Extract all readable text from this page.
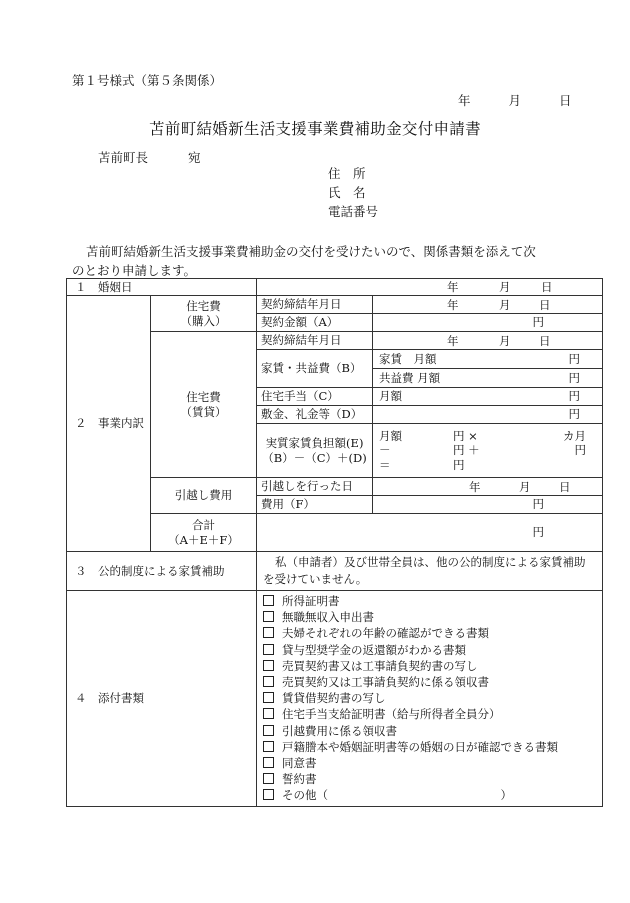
第１号様式（第５条関係）
年	月	日
苫前町結婚新生活支援事業費補助金交付申請書
苫前町長	宛
住　所
氏　名
電話番号
苫前町結婚新生活支援事業費補助金の交付を受けたいので、関係書類を添えて次
のとおり申請します。
１　婚姻日	年	月	日

２　事業内訳	住宅費
（購入）	契約締結年月日	年	月 日

契約金額（A）	円
住宅費
（賃貸）	契約締結年月日	年	月 日

家賃・共益費（B）	
家賃　月額	円

共益費 月額	円

住宅手当（C）		月額	円

敷金、礼金等（D）	円
実質家賃負担額(E)
（B）－（C）＋(D)	
月額	円 ×	カ月
－	円 ＋	円
＝	円	

引越し費用	引越しを行った日	年	月 日

費用（F）	円
合計
（A＋E＋F）	円
３　公的制度による家賃補助	私（申請者）及び世帯全員は、他の公的制度による家賃補助を受けていません。
４　添付書類	
所得証明書
無職無収入申出書
夫婦それぞれの年齢の確認ができる書類
貸与型奨学金の返還額がわかる書類
売買契約書又は工事請負契約書の写し
売買契約又は工事請負契約に係る領収書
賃貸借契約書の写し
住宅手当支給証明書（給与所得者全員分）
引越費用に係る領収書
戸籍謄本や婚姻証明書等の婚姻の日が確認できる書類
同意書
誓約書
その他（　　　　　　　　　　　　　　　）
